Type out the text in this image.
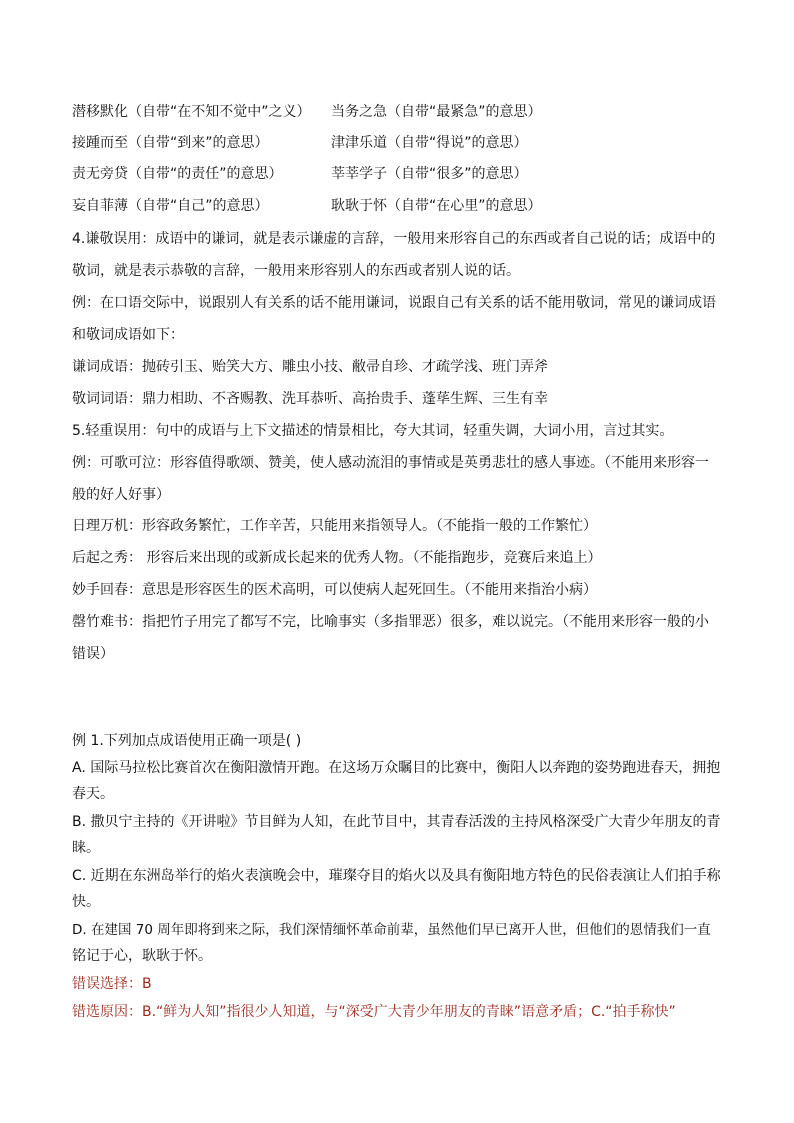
潜移默化（自带“在不知不觉中”之义） 当务之急（自带“最紧急”的意思）
接踵而至（自带“到来”的意思）	津津乐道（自带“得说”的意思）
责无旁贷（自带“的责任”的意思）	莘莘学子（自带“很多”的意思）
妄自菲薄（自带“自己”的意思）	耿耿于怀（自带“在心里”的意思）
4.谦敬误用：成语中的谦词，就是表示谦虚的言辞，一般用来形容自己的东西或者自己说的话；成语中的
敬词，就是表示恭敬的言辞，一般用来形容别人的东西或者别人说的话。
例：在口语交际中，说跟别人有关系的话不能用谦词，说跟自己有关系的话不能用敬词，常见的谦词成语
和敬词成语如下：
谦词成语：抛砖引玉、贻笑大方、雕虫小技、敝帚自珍、才疏学浅、班门弄斧
敬词词语：鼎力相助、不吝赐教、洗耳恭听、高抬贵手、蓬荜生辉、三生有幸
5.轻重误用：句中的成语与上下文描述的情景相比，夸大其词，轻重失调，大词小用，言过其实。
例：可歌可泣：形容值得歌颂、赞美，使人感动流泪的事情或是英勇悲壮的感人事迹。（不能用来形容一
般的好人好事）
日理万机：形容政务繁忙，工作辛苦，只能用来指领导人。（不能指一般的工作繁忙）
后起之秀： 形容后来出现的或新成长起来的优秀人物。（不能指跑步，竞赛后来追上）
妙手回春：意思是形容医生的医术高明，可以使病人起死回生。（不能用来指治小病）
罄竹难书：指把竹子用完了都写不完，比喻事实（多指罪恶）很多，难以说完。（不能用来形容一般的小
错误）
例 1.下列加点成语使用正确一项是( )
A. 国际马拉松比赛首次在衡阳激情开跑。在这场万众瞩目的比赛中，衡阳人以奔跑的姿势跑进春天，拥抱
春天。
B. 撒贝宁主持的《开讲啦》节目鲜为人知，在此节目中，其青春活泼的主持风格深受广大青少年朋友的青
睐。
C. 近期在东洲岛举行的焰火表演晚会中，璀璨夺目的焰火以及具有衡阳地方特色的民俗表演让人们拍手称
快。
D. 在建国 70 周年即将到来之际，我们深情缅怀革命前辈，虽然他们早已离开人世，但他们的恩情我们一直
铭记于心，耿耿于怀。
错误选择：B
错选原因：B.“鲜为人知”指很少人知道，与“深受广大青少年朋友的青睐”语意矛盾；C.“拍手称快”
